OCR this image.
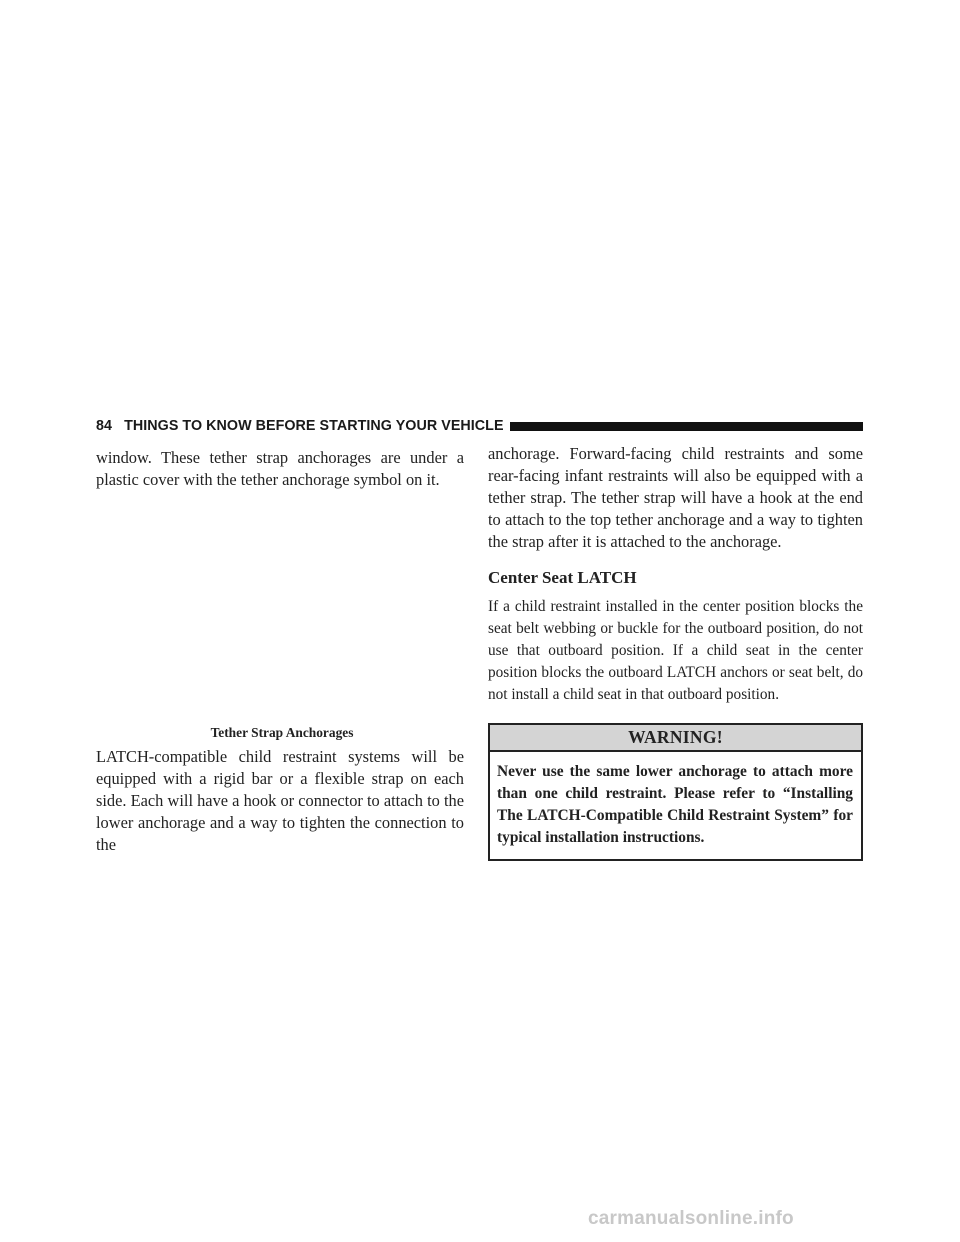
84 THINGS TO KNOW BEFORE STARTING YOUR VEHICLE

window. These tether strap anchorages are under a plastic cover with the tether anchorage symbol on it.

Tether Strap Anchorages

LATCH-compatible child restraint systems will be equipped with a rigid bar or a flexible strap on each side. Each will have a hook or connector to attach to the lower anchorage and a way to tighten the connection to the

anchorage. Forward-facing child restraints and some rear-facing infant restraints will also be equipped with a tether strap. The tether strap will have a hook at the end to attach to the top tether anchorage and a way to tighten the strap after it is attached to the anchorage.

Center Seat LATCH

If a child restraint installed in the center position blocks the seat belt webbing or buckle for the outboard position, do not use that outboard position. If a child seat in the center position blocks the outboard LATCH anchors or seat belt, do not install a child seat in that outboard position.

WARNING!
Never use the same lower anchorage to attach more than one child restraint. Please refer to “Installing The LATCH-Compatible Child Restraint System” for typical installation instructions.
carmanualsonline.info
